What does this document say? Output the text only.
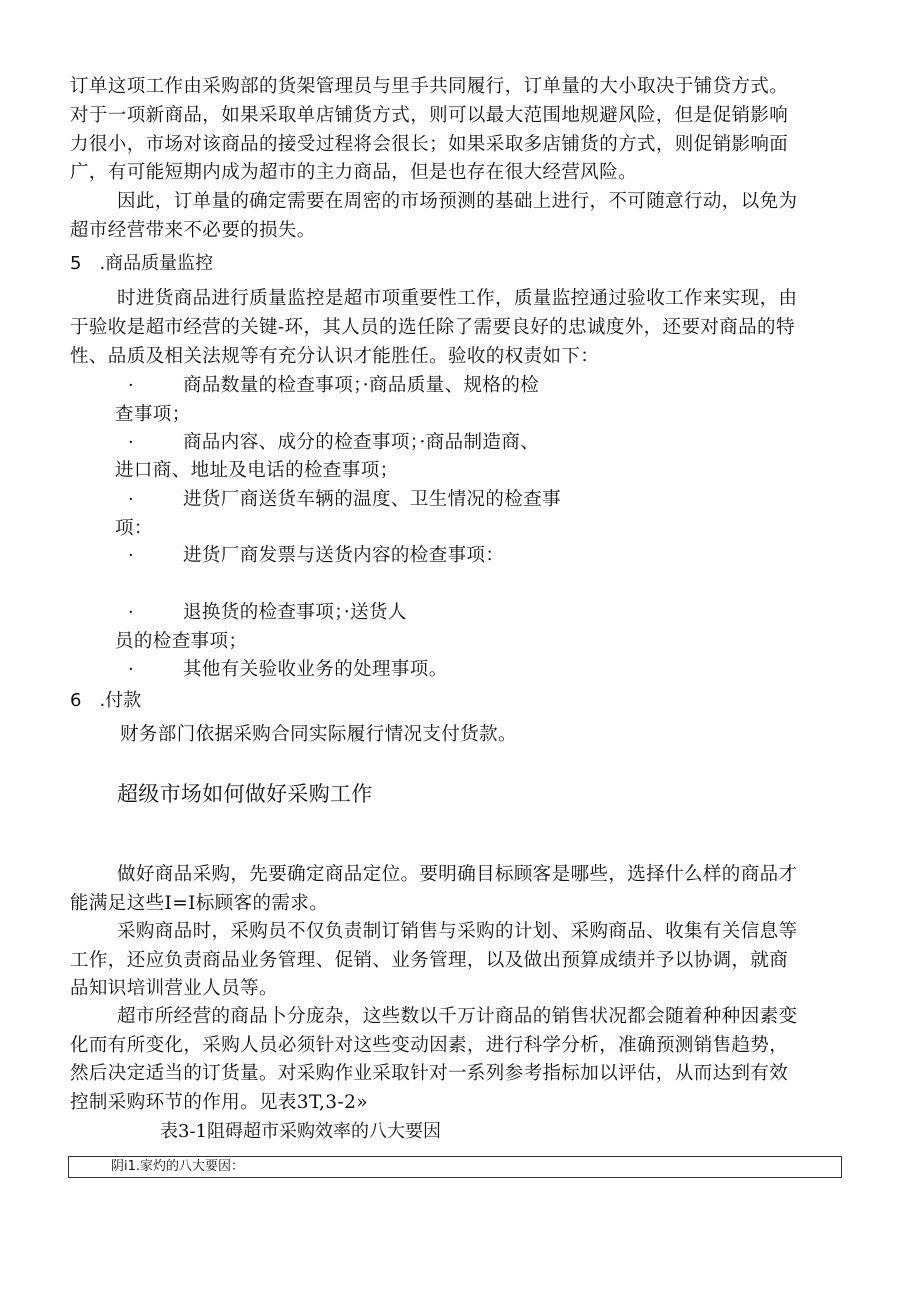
订单这项工作由采购部的货架管理员与里手共同履行，订单量的大小取决于铺贷方式。
对于一项新商品，如果采取单店铺货方式，则可以最大范围地规避风险，但是促销影响
力很小，市场对该商品的接受过程将会很长；如果采取多店铺货的方式，则促销影响面
广，有可能短期内成为超市的主力商品，但是也存在很大经营风险。
因此，订单量的确定需要在周密的市场预测的基础上进行，不可随意行动，以免为
超市经营带来不必要的损失。
5　.商品质量监控
时进货商品进行质量监控是超市项重要性工作，质量监控通过验收工作来实现，由
于验收是超市经营的关键-环，其人员的选任除了需要良好的忠诚度外，还要对商品的特
性、品质及相关法规等有充分认识才能胜任。验收的权责如下：
·	商品数量的检查事项；·商品质量、规格的检
查事项；
·	商品内容、成分的检查事项；·商品制造商、
进口商、地址及电话的检查事项；
·	进货厂商送货车辆的温度、卫生情况的检查事
项：
·	进货厂商发票与送货内容的检查事项：
·	退换货的检查事项；·送货人
员的检查事项；
·	其他有关验收业务的处理事项。
6　.付款
财务部门依据采购合同实际履行情况支付货款。
超级市场如何做好采购工作
做好商品采购，先要确定商品定位。要明确目标顾客是哪些，选择什么样的商品才
能满足这些I=I标顾客的需求。
采购商品时，采购员不仅负责制订销售与采购的计划、采购商品、收集有关信息等
工作，还应负责商品业务管理、促销、业务管理，以及做出预算成绩并予以协调，就商
品知识培训营业人员等。
超市所经营的商品卜分庞杂，这些数以千万计商品的销售状况都会随着种种因素变
化而有所变化，采购人员必须针对这些变动因素，进行科学分析，准确预测销售趋势，
然后决定适当的订货量。对采购作业采取针对一系列参考指标加以评估，从而达到有效
控制采购环节的作用。见表3T,3-2»
表3-1阻碍超市采购效率的八大要因
阴i1.家灼的八大要因：
